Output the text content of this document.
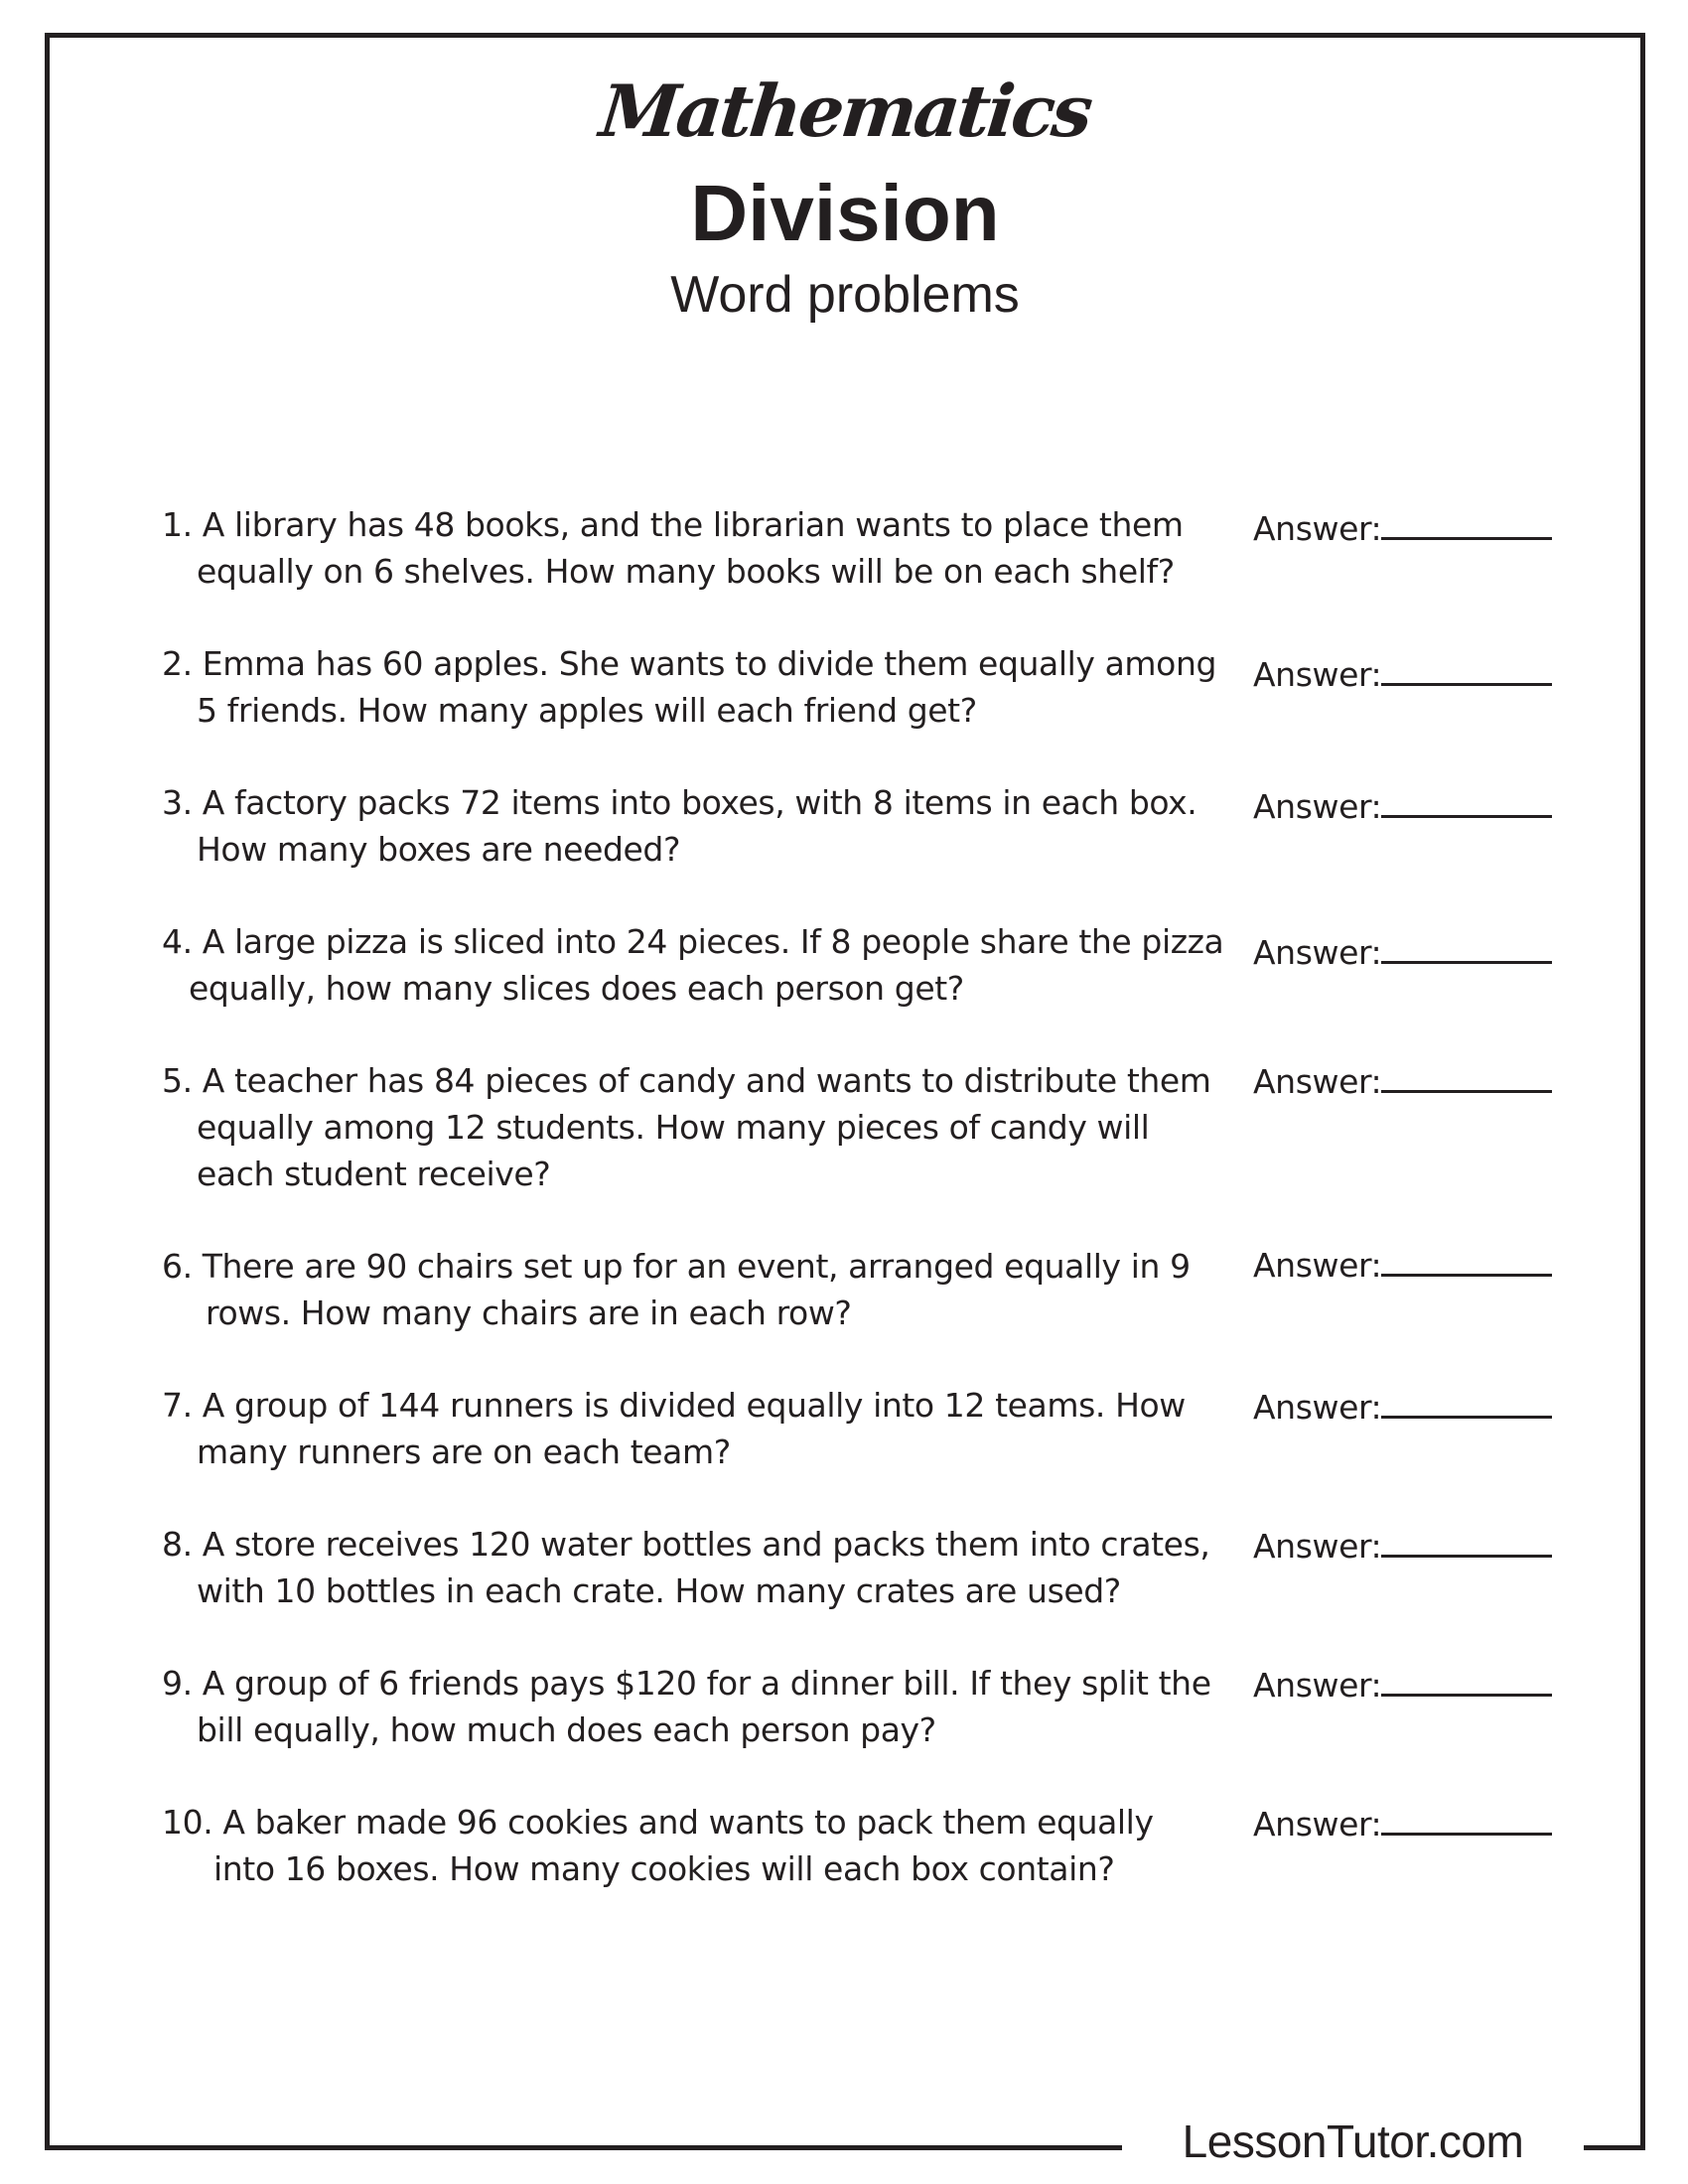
Mathematics
Division
Word problems
1. A library has 48 books, and the librarian wants to place them
equally on 6 shelves. How many books will be on each shelf?
Answer:
2. Emma has 60 apples. She wants to divide them equally among
5 friends. How many apples will each friend get?
Answer:
3. A factory packs 72 items into boxes, with 8 items in each box.
How many boxes are needed?
Answer:
4. A large pizza is sliced into 24 pieces. If 8 people share the pizza
equally, how many slices does each person get?
Answer:
5. A teacher has 84 pieces of candy and wants to distribute them
equally among 12 students. How many pieces of candy will
each student receive?
Answer:
6. There are 90 chairs set up for an event, arranged equally in 9
rows. How many chairs are in each row?
Answer:
7. A group of 144 runners is divided equally into 12 teams. How
many runners are on each team?
Answer:
8. A store receives 120 water bottles and packs them into crates,
with 10 bottles in each crate. How many crates are used?
Answer:
9. A group of 6 friends pays $120 for a dinner bill. If they split the
bill equally, how much does each person pay?
Answer:
10. A baker made 96 cookies and wants to pack them equally
into 16 boxes. How many cookies will each box contain?
Answer:
LessonTutor.com
